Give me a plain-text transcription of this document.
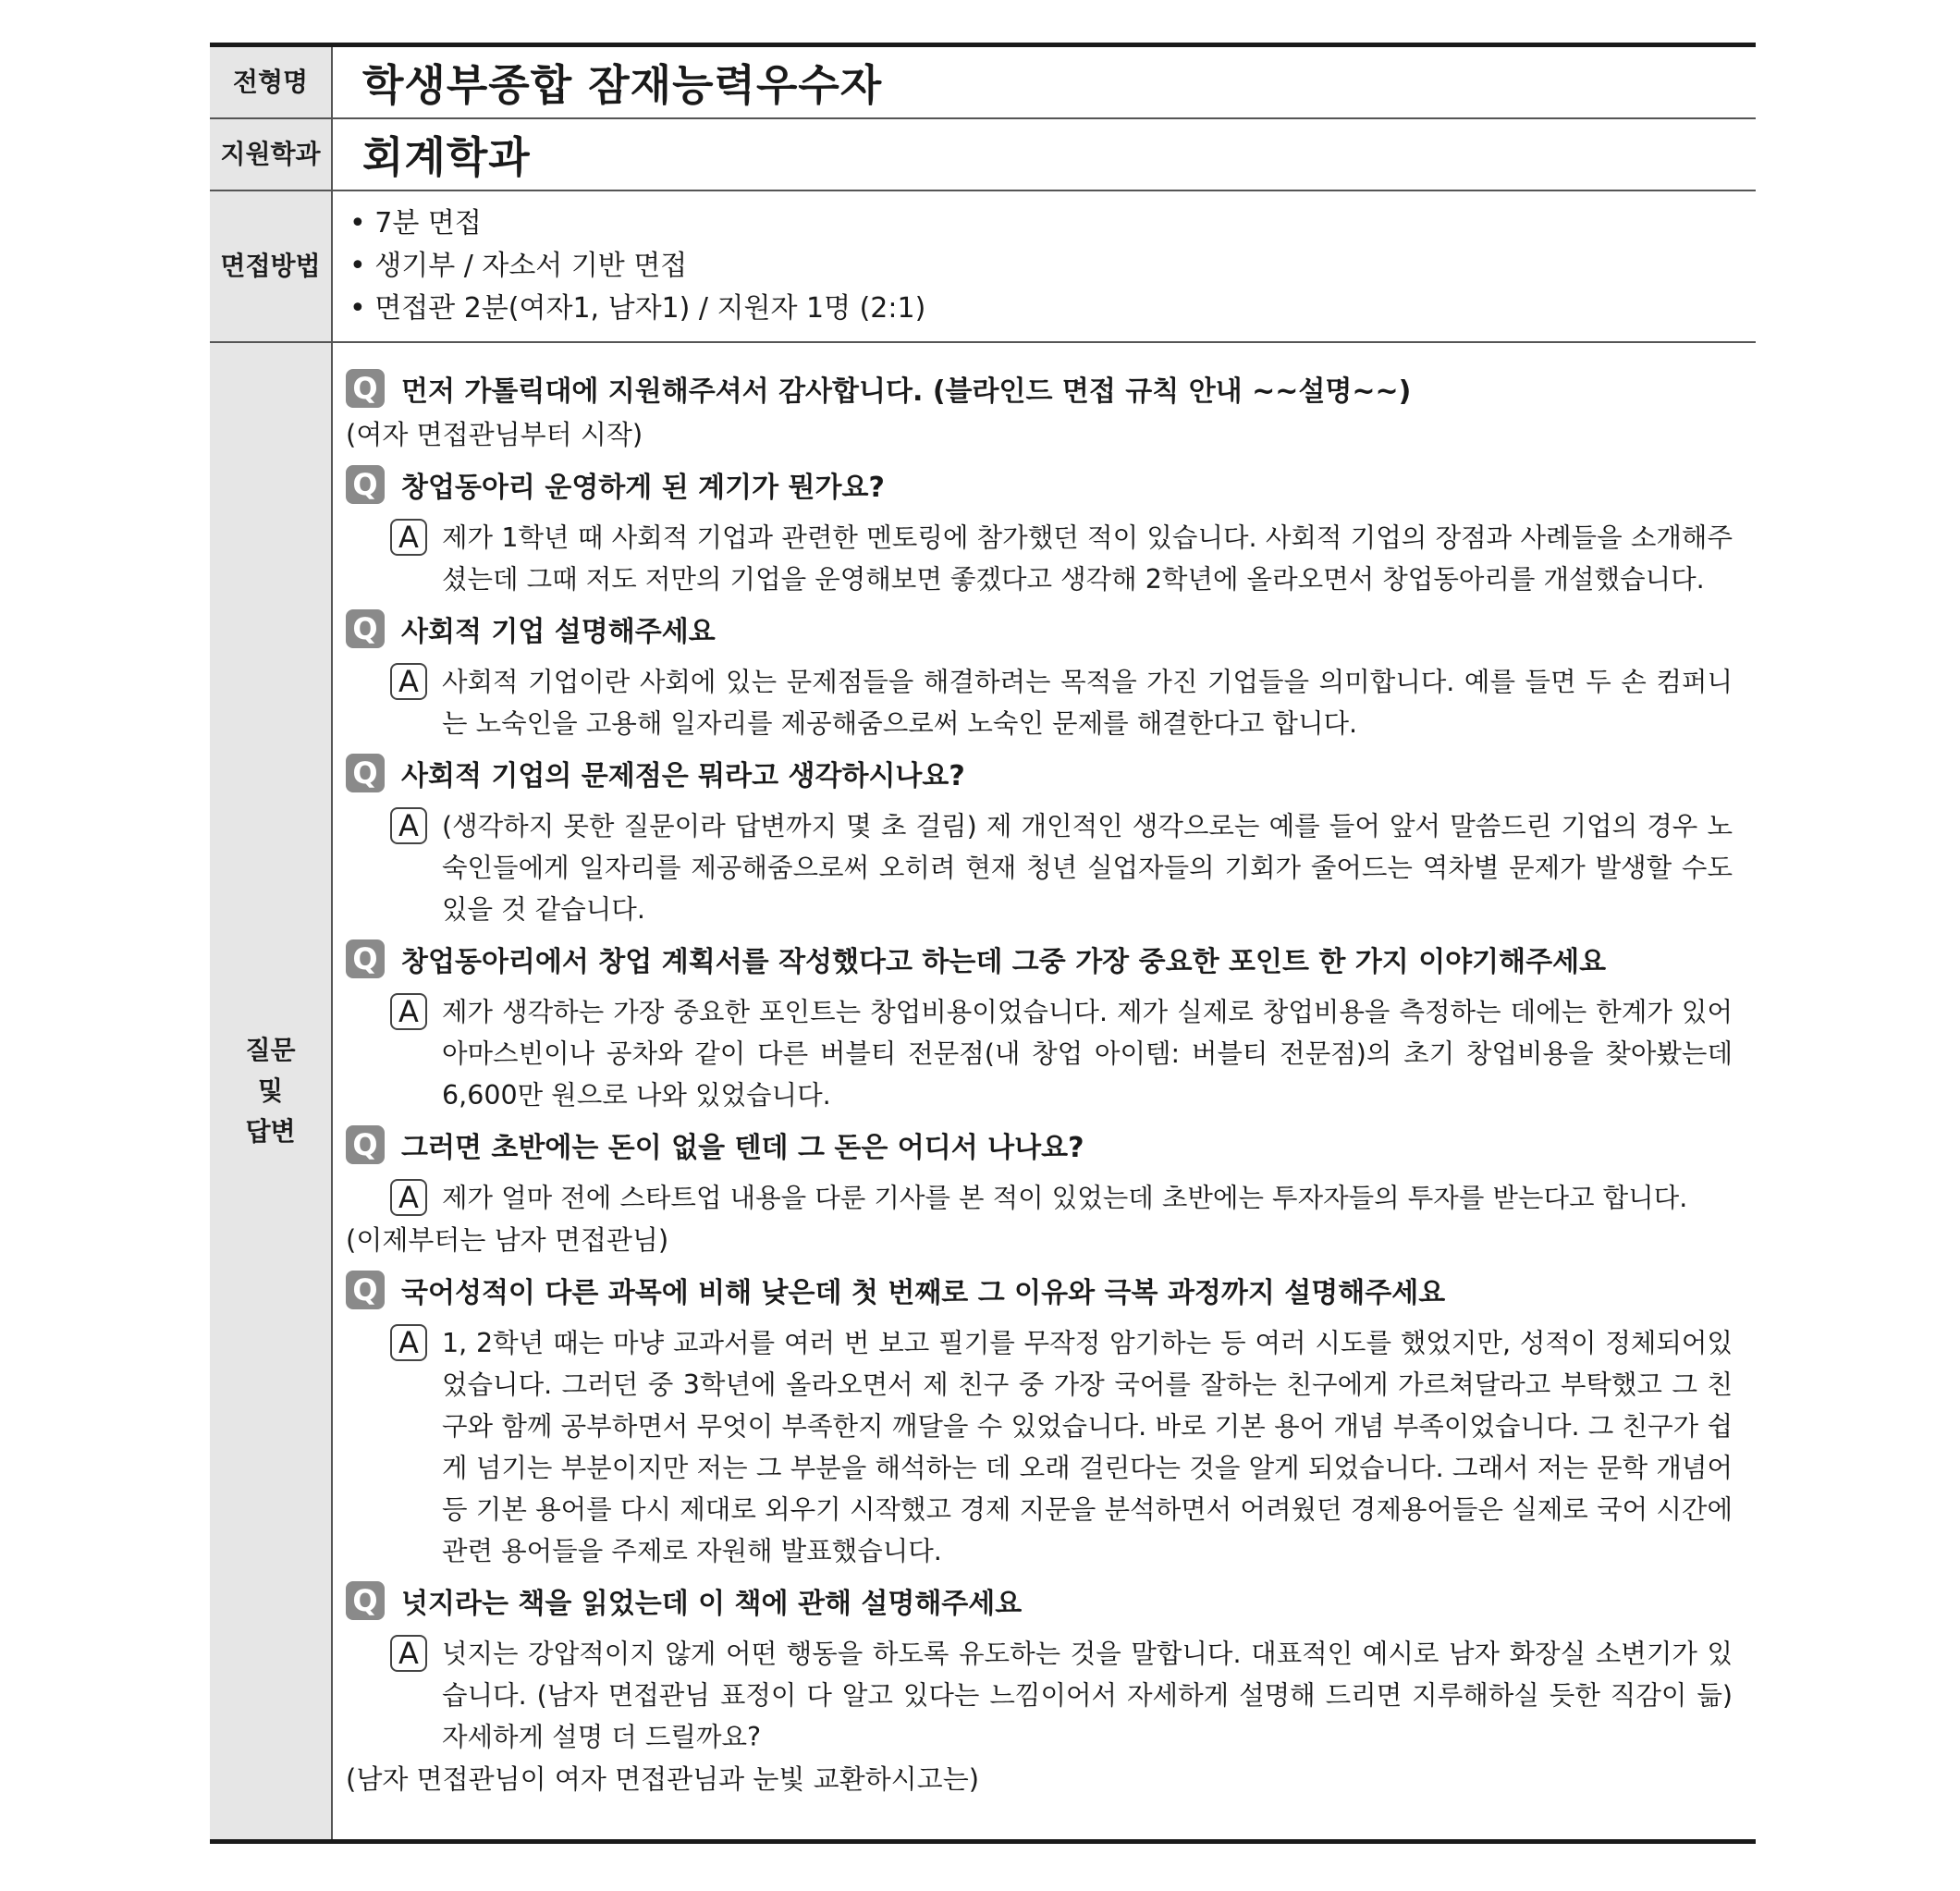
전형명	학생부종합 잠재능력우수자
지원학과 회계학과
면접방법
• 7분 면접
• 생기부 / 자소서 기반 면접
• 면접관 2분(여자1, 남자1) / 지원자 1명 (2:1)
질문
및
답변
Q 먼저 가톨릭대에 지원해주셔서 감사합니다. (블라인드 면접 규칙 안내 ~~설명~~)
(여자 면접관님부터 시작)
Q 창업동아리 운영하게 된 계기가 뭔가요?
A 제가 1학년 때 사회적 기업과 관련한 멘토링에 참가했던 적이 있습니다. 사회적 기업의 장점과 사례들을 소개해주셨는데 그때 저도 저만의 기업을 운영해보면 좋겠다고 생각해 2학년에 올라오면서 창업동아리를 개설했습니다.
Q 사회적 기업 설명해주세요
A 사회적 기업이란 사회에 있는 문제점들을 해결하려는 목적을 가진 기업들을 의미합니다. 예를 들면 두 손 컴퍼니는 노숙인을 고용해 일자리를 제공해줌으로써 노숙인 문제를 해결한다고 합니다.
Q 사회적 기업의 문제점은 뭐라고 생각하시나요?
A (생각하지 못한 질문이라 답변까지 몇 초 걸림) 제 개인적인 생각으로는 예를 들어 앞서 말씀드린 기업의 경우 노숙인들에게 일자리를 제공해줌으로써 오히려 현재 청년 실업자들의 기회가 줄어드는 역차별 문제가 발생할 수도 있을 것 같습니다.
Q 창업동아리에서 창업 계획서를 작성했다고 하는데 그중 가장 중요한 포인트 한 가지 이야기해주세요
A 제가 생각하는 가장 중요한 포인트는 창업비용이었습니다. 제가 실제로 창업비용을 측정하는 데에는 한계가 있어 아마스빈이나 공차와 같이 다른 버블티 전문점(내 창업 아이템: 버블티 전문점)의 초기 창업비용을 찾아봤는데 6,600만 원으로 나와 있었습니다.
Q 그러면 초반에는 돈이 없을 텐데 그 돈은 어디서 나나요?
A 제가 얼마 전에 스타트업 내용을 다룬 기사를 본 적이 있었는데 초반에는 투자자들의 투자를 받는다고 합니다.
(이제부터는 남자 면접관님)
Q 국어성적이 다른 과목에 비해 낮은데 첫 번째로 그 이유와 극복 과정까지 설명해주세요
A 1, 2학년 때는 마냥 교과서를 여러 번 보고 필기를 무작정 암기하는 등 여러 시도를 했었지만, 성적이 정체되어있었습니다. 그러던 중 3학년에 올라오면서 제 친구 중 가장 국어를 잘하는 친구에게 가르쳐달라고 부탁했고 그 친구와 함께 공부하면서 무엇이 부족한지 깨달을 수 있었습니다. 바로 기본 용어 개념 부족이었습니다. 그 친구가 쉽게 넘기는 부분이지만 저는 그 부분을 해석하는 데 오래 걸린다는 것을 알게 되었습니다. 그래서 저는 문학 개념어 등 기본 용어를 다시 제대로 외우기 시작했고 경제 지문을 분석하면서 어려웠던 경제용어들은 실제로 국어 시간에 관련 용어들을 주제로 자원해 발표했습니다.
Q 넛지라는 책을 읽었는데 이 책에 관해 설명해주세요
A 넛지는 강압적이지 않게 어떤 행동을 하도록 유도하는 것을 말합니다. 대표적인 예시로 남자 화장실 소변기가 있습니다. (남자 면접관님 표정이 다 알고 있다는 느낌이어서 자세하게 설명해 드리면 지루해하실 듯한 직감이 듦) 자세하게 설명 더 드릴까요?
(남자 면접관님이 여자 면접관님과 눈빛 교환하시고는)
